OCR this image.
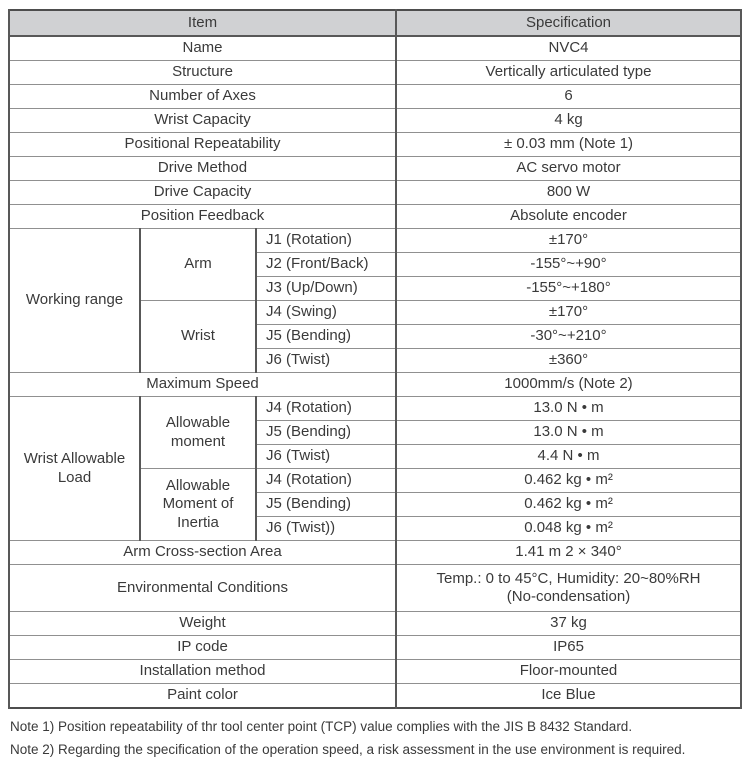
Item			Specification
Name			NVC4
Structure			Vertically articulated type
Number of Axes			6
Wrist Capacity			4 kg
Positional Repeatability			± 0.03 mm (Note 1)
Drive Method			AC servo motor
Drive Capacity			800 W
Position Feedback			Absolute encoder
Working range	Arm	J1 (Rotation)	±170°
		J2 (Front/Back)	-155°~+90°
		J3 (Up/Down)	-155°~+180°
	Wrist	J4 (Swing)	±170°
		J5 (Bending)	-30°~+210°
		J6 (Twist)	±360°
Maximum Speed			1000mm/s (Note 2)
Wrist Allowable Load	Allowable moment	J4 (Rotation)	13.0 N • m
		J5 (Bending)	13.0 N • m
		J6 (Twist)	4.4 N • m
	Allowable Moment of Inertia	J4 (Rotation)	0.462 kg • m²
		J5 (Bending)	0.462 kg • m²
		J6 (Twist))	0.048 kg • m²
Arm Cross-section Area			1.41 m 2 × 340°
Environmental Conditions			Temp.: 0 to 45°C, Humidity: 20~80%RH
(No-condensation)

Weight			37 kg
IP code			IP65
Installation method			Floor-mounted
Paint color			Ice Blue

Note 1) Position repeatability of thr tool center point (TCP) value complies with the JIS B 8432 Standard.

Note 2) Regarding the specification of the operation speed, a risk assessment in the use environment is required.
